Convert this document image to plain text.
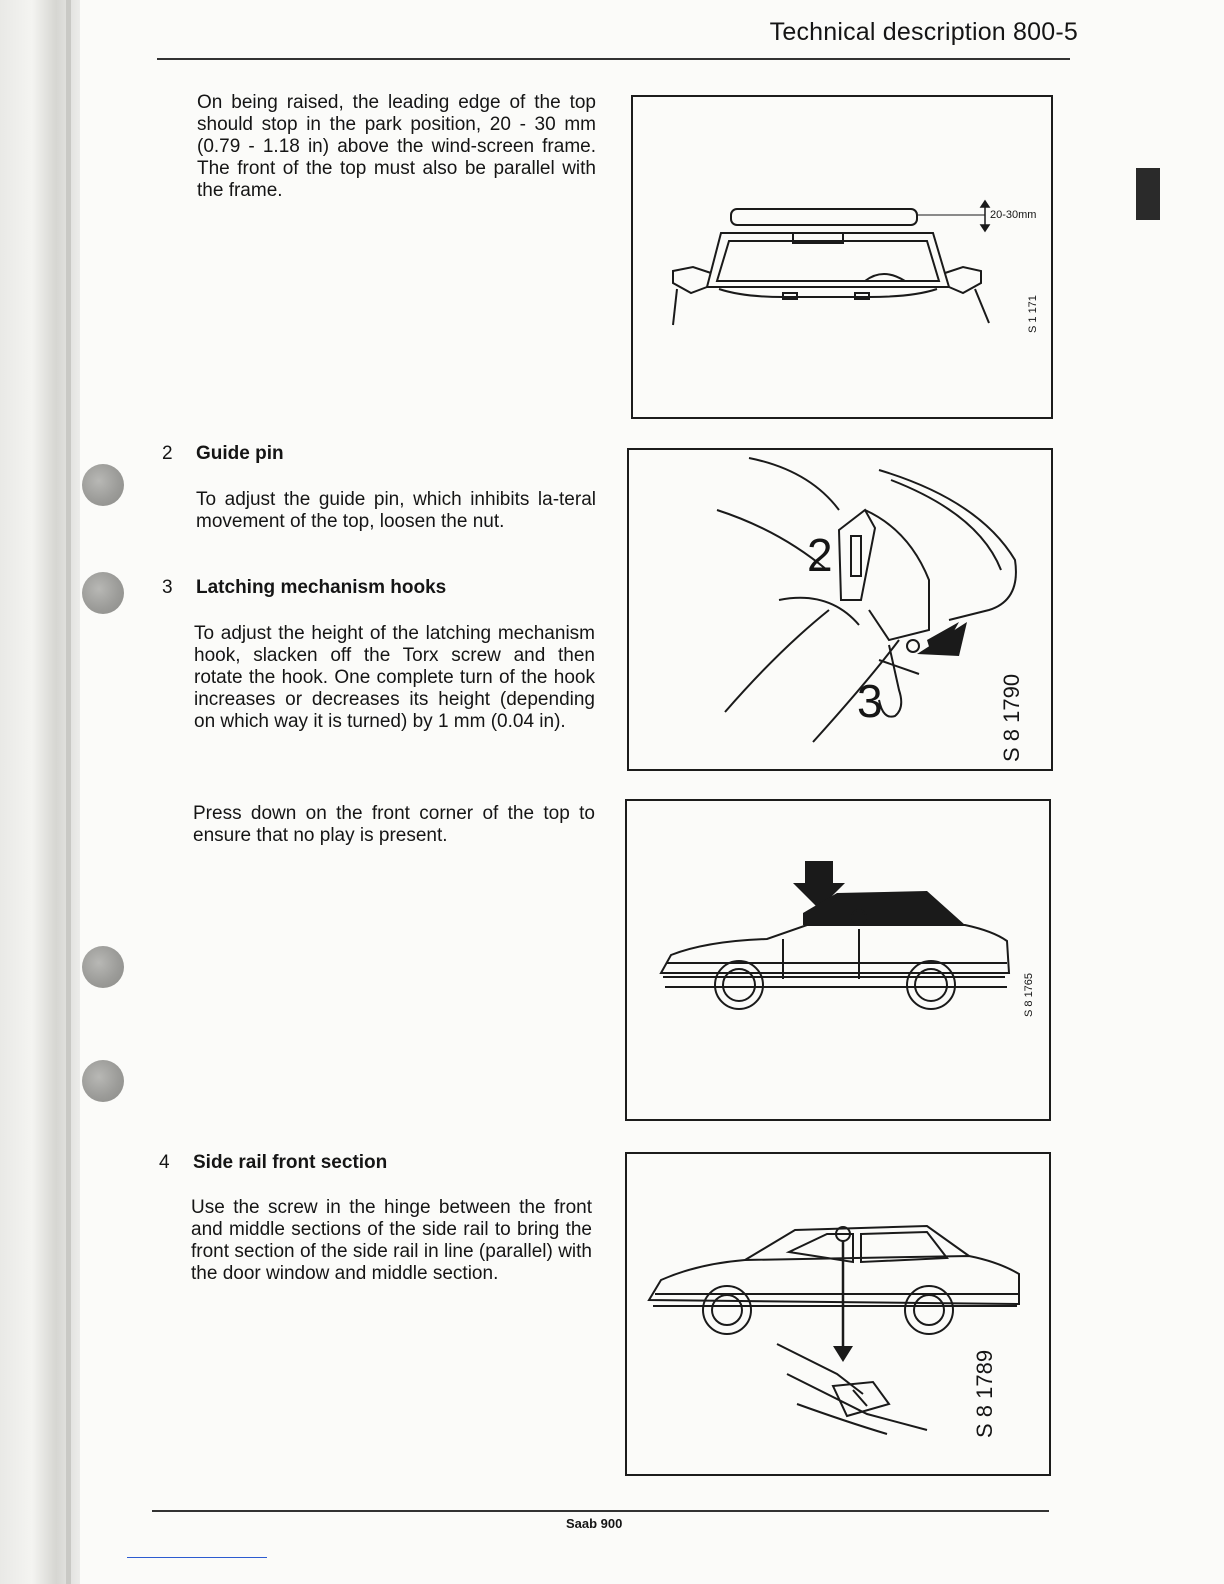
Technical description 800-5

On being raised, the leading edge of the top should stop in the park position, 20 - 30 mm (0.79 - 1.18 in) above the wind-screen frame. The front of the top must also be parallel with the frame.

2 Guide pin

To adjust the guide pin, which inhibits la-teral movement of the top, loosen the nut.

3 Latching mechanism hooks

To adjust the height of the latching mechanism hook, slacken off the Torx screw and then rotate the hook. One complete turn of the hook increases or decreases its height (depending on which way it is turned) by 1 mm (0.04 in).

Press down on the front corner of the top to ensure that no play is present.

4 Side rail front section

Use the screw in the hinge between the front and middle sections of the side rail to bring the front section of the side rail in line (parallel) with the door window and middle section.

20-30mm
S 1 171
2
3	S 8 1790
S 8 1765
S 8 1789
Saab 900
